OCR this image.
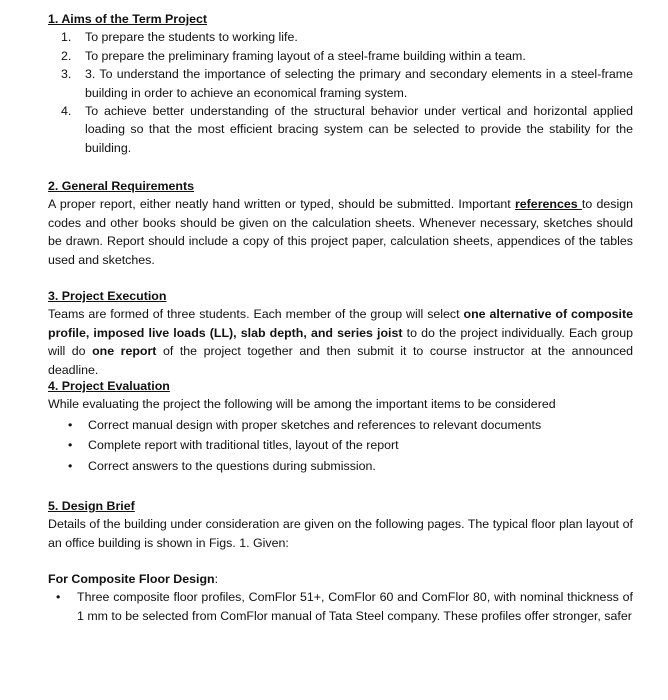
1. Aims of the Term Project
1. To prepare the students to working life.
2. To prepare the preliminary framing layout of a steel-frame building within a team.
3. 3. To understand the importance of selecting the primary and secondary elements in a steel-frame building in order to achieve an economical framing system.
4. To achieve better understanding of the structural behavior under vertical and horizontal applied loading so that the most efficient bracing system can be selected to provide the stability for the building.
2. General Requirements
A proper report, either neatly hand written or typed, should be submitted. Important references to design codes and other books should be given on the calculation sheets. Whenever necessary, sketches should be drawn. Report should include a copy of this project paper, calculation sheets, appendices of the tables used and sketches.
3. Project Execution
Teams are formed of three students. Each member of the group will select one alternative of composite profile, imposed live loads (LL), slab depth, and series joist to do the project individually. Each group will do one report of the project together and then submit it to course instructor at the announced deadline.
4. Project Evaluation
While evaluating the project the following will be among the important items to be considered
• Correct manual design with proper sketches and references to relevant documents
• Complete report with traditional titles, layout of the report
• Correct answers to the questions during submission.
5. Design Brief
Details of the building under consideration are given on the following pages. The typical floor plan layout of an office building is shown in Figs. 1. Given:
For Composite Floor Design:
• Three composite floor profiles, ComFlor 51+, ComFlor 60 and ComFlor 80, with nominal thickness of 1 mm to be selected from ComFlor manual of Tata Steel company. These profiles offer stronger, safer
